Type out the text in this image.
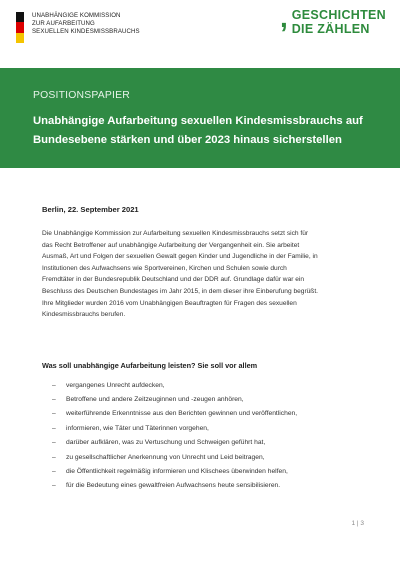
UNABHÄNGIGE KOMMISSION
ZUR AUFARBEITUNG
SEXUELLEN KINDESMISSBRAUCHS	, GESCHICHTEN
DIE ZÄHLEN
POSITIONSPAPIER
Unabhängige Aufarbeitung sexuellen Kindesmissbrauchs auf Bundesebene stärken und über 2023 hinaus sicherstellen
Berlin, 22. September 2021
Die Unabhängige Kommission zur Aufarbeitung sexuellen Kindesmissbrauchs setzt sich für
das Recht Betroffener auf unabhängige Aufarbeitung der Vergangenheit ein. Sie arbeitet
Ausmaß, Art und Folgen der sexuellen Gewalt gegen Kinder und Jugendliche in der Familie, in
Institutionen des Aufwachsens wie Sportvereinen, Kirchen und Schulen sowie durch
Fremdtäter in der Bundesrepublik Deutschland und der DDR auf. Grundlage dafür war ein
Beschluss des Deutschen Bundestages im Jahr 2015, in dem dieser ihre Einberufung begrüßt.
Ihre Mitglieder wurden 2016 vom Unabhängigen Beauftragten für Fragen des sexuellen
Kindesmissbrauchs berufen.
Was soll unabhängige Aufarbeitung leisten? Sie soll vor allem
–	vergangenes Unrecht aufdecken,
–	Betroffene und andere Zeitzeuginnen und -zeugen anhören,
–	weiterführende Erkenntnisse aus den Berichten gewinnen und veröffentlichen,
–	informieren, wie Täter und Täterinnen vorgehen,
–	darüber aufklären, was zu Vertuschung und Schweigen geführt hat,
–	zu gesellschaftlicher Anerkennung von Unrecht und Leid beitragen,
–	die Öffentlichkeit regelmäßig informieren und Klischees überwinden helfen,
–	für die Bedeutung eines gewaltfreien Aufwachsens heute sensibilisieren.
1 | 3
